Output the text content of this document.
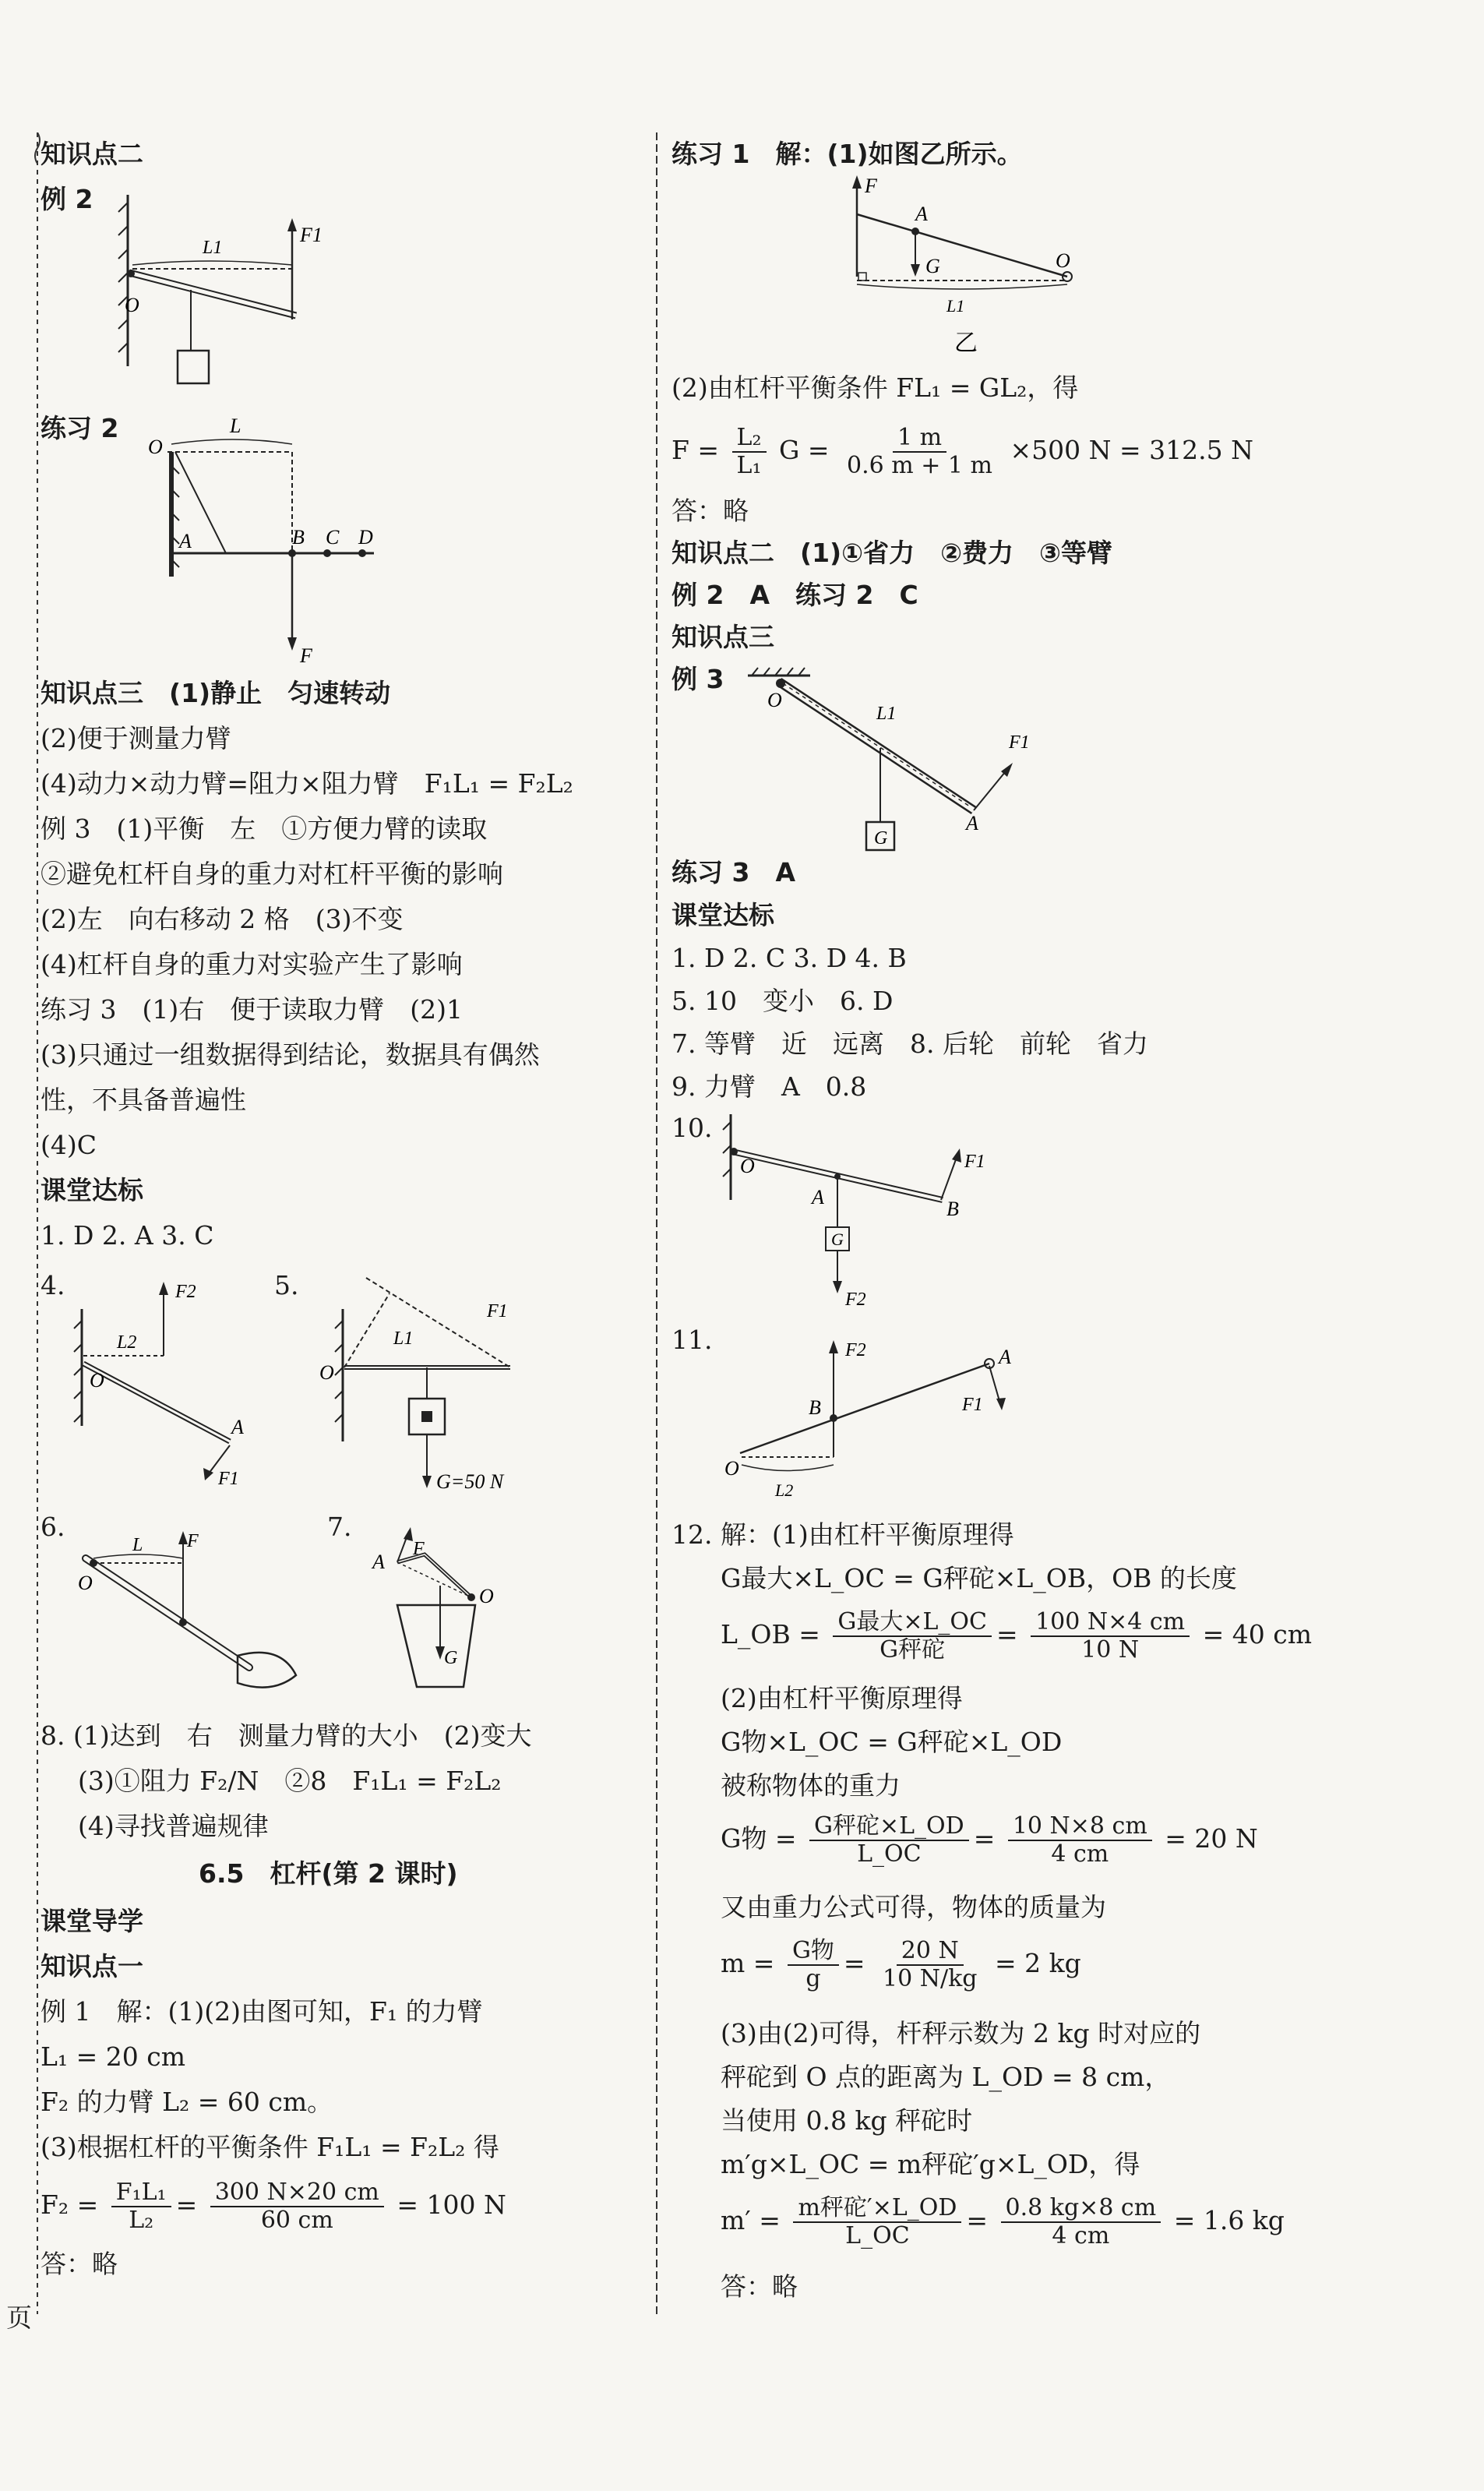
知识点二
例 2
F1
L1
O
练习 2
O
L
A	B C D
F
知识点三　(1)静止　匀速转动
(2)便于测量力臂
(4)动力×动力臂=阻力×阻力臂　F₁L₁ = F₂L₂
例 3　(1)平衡　左　①方便力臂的读取
②避免杠杆自身的重力对杠杆平衡的影响
(2)左　向右移动 2 格　(3)不变
(4)杠杆自身的重力对实验产生了影响
练习 3　(1)右　便于读取力臂　(2)1
(3)只通过一组数据得到结论，数据具有偶然
性，不具备普遍性
(4)C
课堂达标
1. D 2. A 3. C
4.	F2
L2
O
A
F1
5.
F1
L1
O
G=50 N
6.
L F
O
7.
A
F
O
G
8. (1)达到　右　测量力臂的大小　(2)变大
(3)①阻力 F₂/N　②8　F₁L₁ = F₂L₂
(4)寻找普遍规律
6.5　杠杆(第 2 课时)
课堂导学
知识点一
例 1　解：(1)(2)由图可知，F₁ 的力臂
L₁ = 20 cm
F₂ 的力臂 L₂ = 60 cm。
(3)根据杠杆的平衡条件 F₁L₁ = F₂L₂ 得
$F_2 = \frac{\text{F₁L₁}}{\text{L₂}} = \frac{300 N\times 20 cm}{60 cm} = 100$ N
答：略
页
练习 1　解：(1)如图乙所示。
F
A
G	O
L1
乙
(2)由杠杆平衡条件 FL₁ = GL₂，得
$F = \frac{\text{L₂}}{\text{L₁}}$ $G = \frac{1 m}{0.6 m + 1 m} \times 500$ N = 312.5 N
答：略
知识点二　(1)①省力　②费力　③等臂
例 2　A　练习 2　C
知识点三
例 3
O
L1
F1
A
G
练习 3　A
课堂达标
1. D 2. C 3. D 4. B
5. 10　变小　6. D
7. 等臂　近　远离　8. 后轮　前轮　省力
9. 力臂　A　0.8
10.
O
A
B
F1
G
F2
11.	F2	A
B	F1
O
L2
12. 解：(1)由杠杆平衡原理得
G最大×L_OC = G秤砣×L_OB，OB 的长度
L_OB = $\frac{\text{G最大×L\_OC}}{\text{G秤砣}} = \frac{100 N\times 4 cm}{10 N} = 40$ cm
(2)由杠杆平衡原理得
G物×L_OC = G秤砣×L_OD
被称物体的重力
G物 = $\frac{\text{G秤砣×L\_OD}}{L\_OC} = \frac{10 N\times 8 cm}{4 cm} = 20$ N
又由重力公式可得，物体的质量为
$m = \frac{\text{G物}}{g} = \frac{20 N}{10 N/kg} = 2$ kg
(3)由(2)可得，杆秤示数为 2 kg 时对应的
秤砣到 O 点的距离为 L_OD = 8 cm，
当使用 0.8 kg 秤砣时
m′g×L_OC = m秤砣′g×L_OD，得
$m' = \frac{\text{m秤砣′×L\_OD}}{L\_OC} = \frac{0.8 kg\times 8 cm}{4 cm} = 1.6$ kg
答：略
